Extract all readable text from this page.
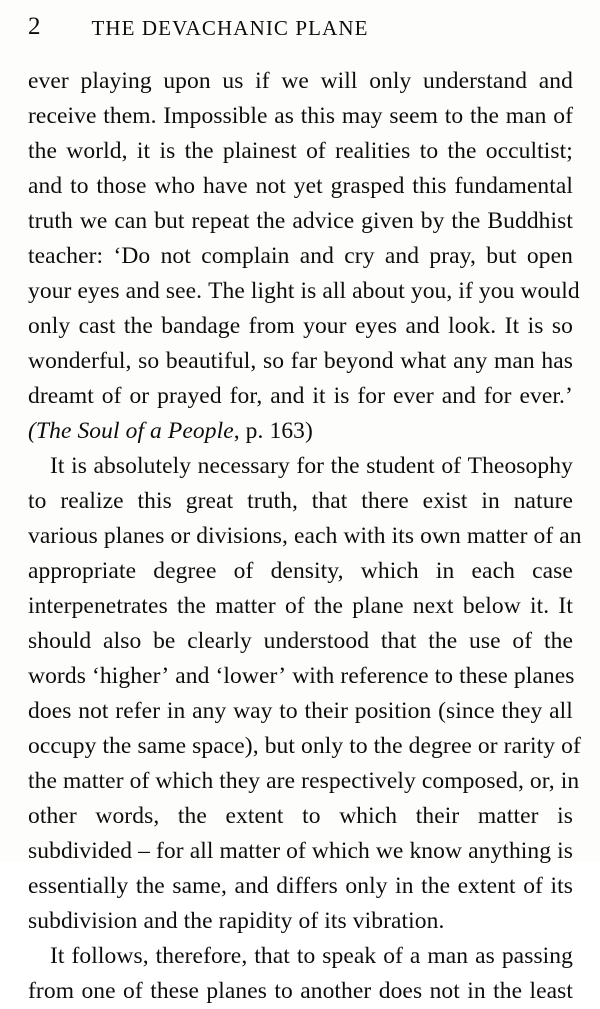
2	THE DEVACHANIC PLANE
ever playing upon us if we will only understand and
receive them. Impossible as this may seem to the man of
the world, it is the plainest of realities to the occultist;
and to those who have not yet grasped this fundamental
truth we can but repeat the advice given by the Buddhist
teacher: ‘Do not complain and cry and pray, but open
your eyes and see. The light is all about you, if you would
only cast the bandage from your eyes and look. It is so
wonderful, so beautiful, so far beyond what any man has
dreamt of or prayed for, and it is for ever and for ever.’
(The Soul of a People, p. 163)
It is absolutely necessary for the student of Theosophy
to realize this great truth, that there exist in nature
various planes or divisions, each with its own matter of an
appropriate degree of density, which in each case
interpenetrates the matter of the plane next below it. It
should also be clearly understood that the use of the
words ‘higher’ and ‘lower’ with reference to these planes
does not refer in any way to their position (since they all
occupy the same space), but only to the degree or rarity of
the matter of which they are respectively composed, or, in
other words, the extent to which their matter is
subdivided – for all matter of which we know anything is
essentially the same, and differs only in the extent of its
subdivision and the rapidity of its vibration.
It follows, therefore, that to speak of a man as passing
from one of these planes to another does not in the least
